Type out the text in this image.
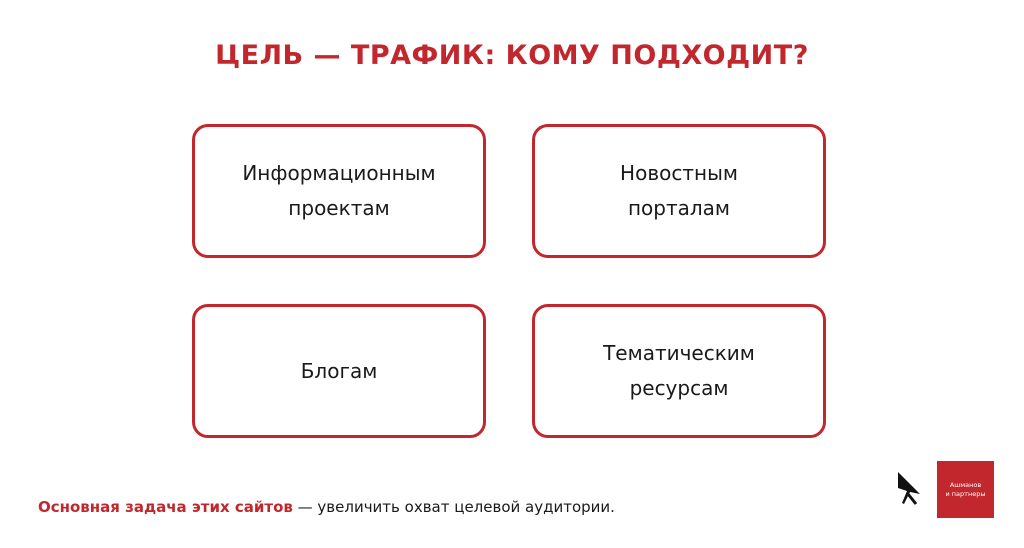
ЦЕЛЬ — ТРАФИК: КОМУ ПОДХОДИТ?
Информационным
проектам
Новостным
порталам
Блогам
Тематическим
ресурсам
Основная задача этих сайтов — увеличить охват целевой аудитории.
Ашманов
и партнеры
